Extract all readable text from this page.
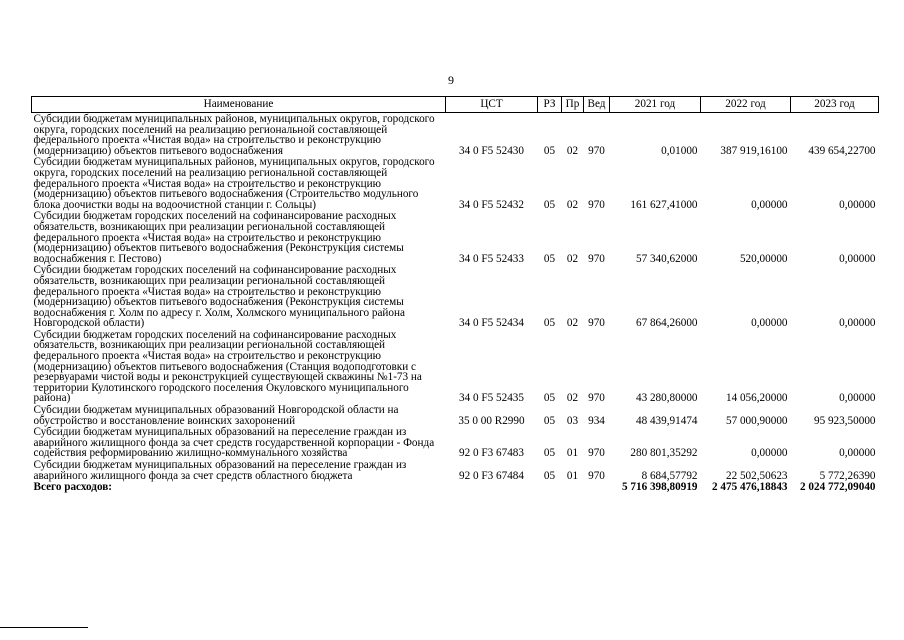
9
Наименование	ЦСТ	РЗ	Пр	Вед	2021 год	2022 год	2023 год
Субсидии бюджетам муниципальных районов, муниципальных округов, городского округа, городских поселений на реализацию региональной составляющей федерального проекта «Чистая вода» на строительство и реконструкцию (модернизацию) объектов питьевого водоснабжения	34 0 F5 52430	05	02	970	0,01000	387 919,16100	439 654,22700
Субсидии бюджетам муниципальных районов, муниципальных округов, городского округа, городских поселений на реализацию региональной составляющей федерального проекта «Чистая вода» на строительство и реконструкцию (модернизацию) объектов питьевого водоснабжения (Строительство модульного блока доочистки воды на водоочистной станции г. Сольцы)	34 0 F5 52432	05	02	970	161 627,41000	0,00000	0,00000
Субсидии бюджетам городских поселений на софинансирование расходных обязательств, возникающих при реализации региональной составляющей федерального проекта «Чистая вода» на строительство и реконструкцию (модернизацию) объектов питьевого водоснабжения (Реконструкция системы водоснабжения г. Пестово)	34 0 F5 52433	05	02	970	57 340,62000	520,00000	0,00000
Субсидии бюджетам городских поселений на софинансирование расходных обязательств, возникающих при реализации региональной составляющей федерального проекта «Чистая вода» на строительство и реконструкцию (модернизацию) объектов питьевого водоснабжения (Реконструкция системы водоснабжения г. Холм по адресу г. Холм, Холмского муниципального района Новгородской области)	34 0 F5 52434	05	02	970	67 864,26000	0,00000	0,00000
Субсидии бюджетам городских поселений на софинансирование расходных обязательств, возникающих при реализации региональной составляющей федерального проекта «Чистая вода» на строительство и реконструкцию (модернизацию) объектов питьевого водоснабжения (Станция водоподготовки с резервуарами чистой воды и реконструкцией существующей скважины №1-73 на территории Кулотинского городского поселения Окуловского муниципального района)	34 0 F5 52435	05	02	970	43 280,80000	14 056,20000	0,00000
Субсидии бюджетам муниципальных образований Новгородской области на обустройство и восстановление воинских захоронений	35 0 00 R2990	05	03	934	48 439,91474	57 000,90000	95 923,50000
Субсидии бюджетам муниципальных образований на переселение граждан из аварийного жилищного фонда за счет средств государственной корпорации - Фонда содействия реформированию жилищно-коммунального хозяйства	92 0 F3 67483	05	01	970	280 801,35292	0,00000	0,00000
Субсидии бюджетам муниципальных образований на переселение граждан из аварийного жилищного фонда за счет средств областного бюджета	92 0 F3 67484	05	01	970	8 684,57792	22 502,50623	5 772,26390
Всего расходов:					5 716 398,80919	2 475 476,18843	2 024 772,09040
